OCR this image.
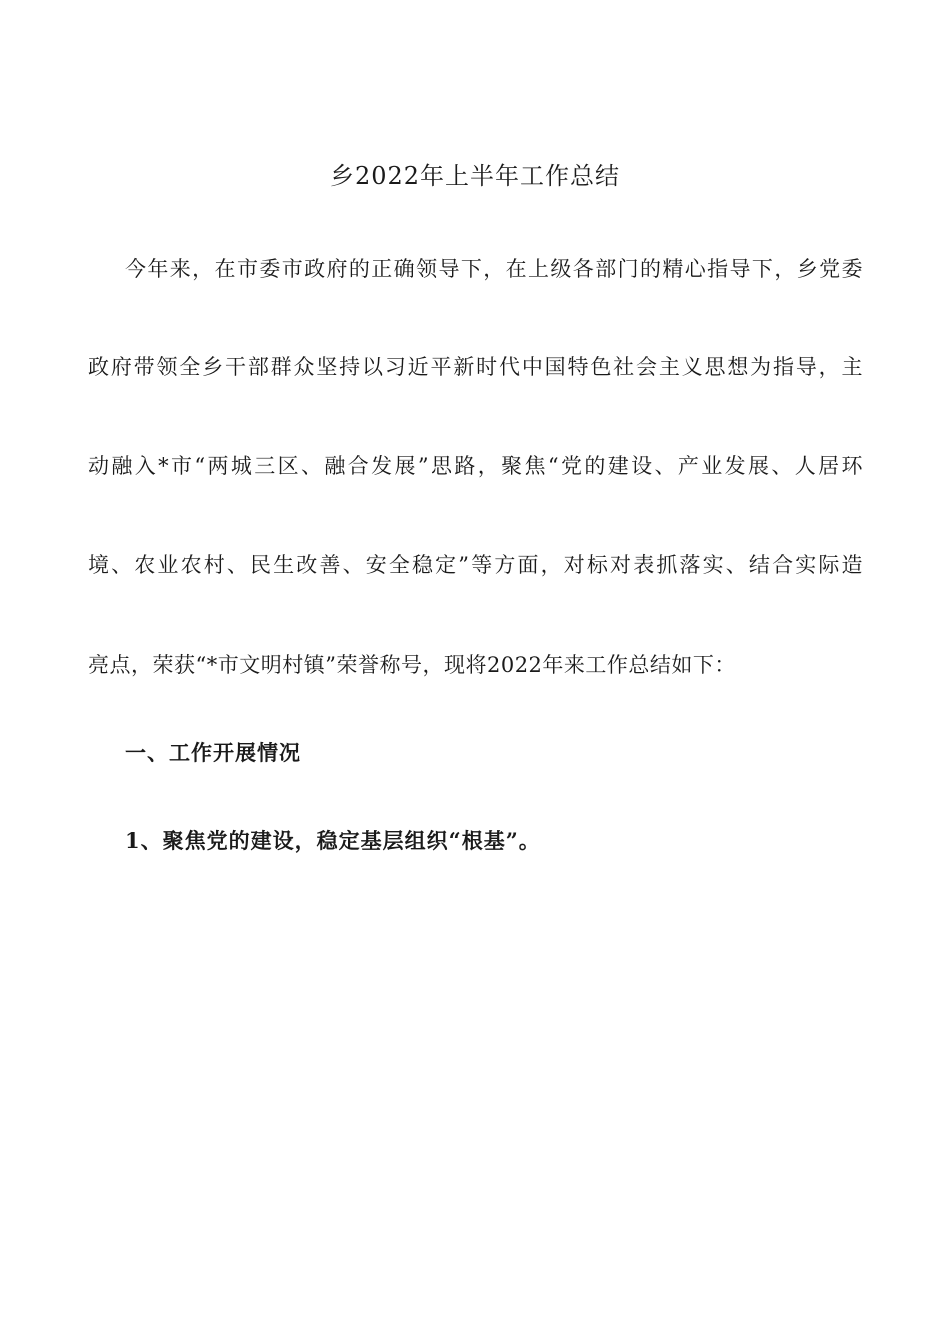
乡2022年上半年工作总结
今年来，在市委市政府的正确领导下，在上级各部门的精心指导下，乡党委
政府带领全乡干部群众坚持以习近平新时代中国特色社会主义思想为指导，主
动融入*市“两城三区、融合发展”思路，聚焦“党的建设、产业发展、人居环
境、农业农村、民生改善、安全稳定”等方面，对标对表抓落实、结合实际造
亮点，荣获“*市文明村镇”荣誉称号，现将2022年来工作总结如下：
一、工作开展情况
1、聚焦党的建设，稳定基层组织“根基”。
